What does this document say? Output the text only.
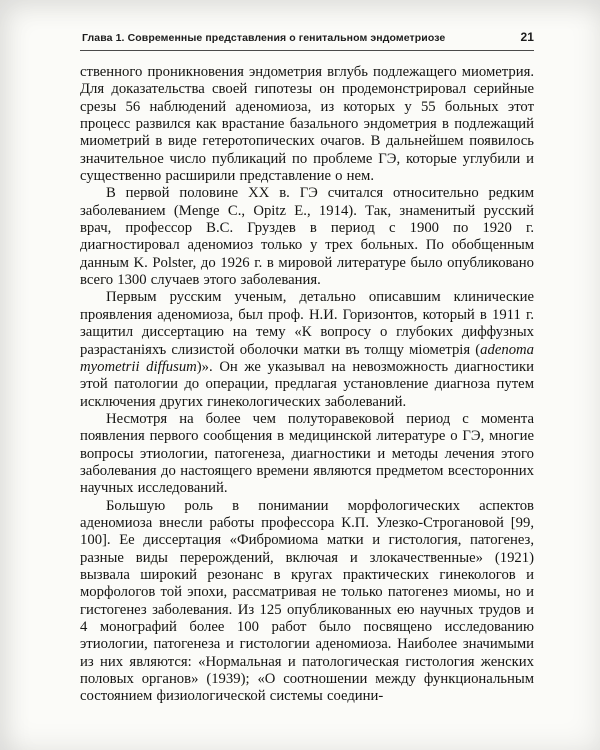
Глава 1. Современные представления о генитальном эндометриозе	21

ственного проникновения эндометрия вглубь подлежащего миометрия. Для доказательства своей гипотезы он продемонстрировал серийные срезы 56 наблюдений аденомиоза, из которых у 55 больных этот процесс развился как врастание базального эндометрия в подлежащий миометрий в виде гетеротопических очагов. В дальнейшем появилось значительное число публикаций по проблеме ГЭ, которые углубили и существенно расширили представление о нем.

В первой половине XX в. ГЭ считался относительно редким заболеванием (Menge C., Opitz E., 1914). Так, знаменитый русский врач, профессор В.С. Груздев в период с 1900 по 1920 г. диагностировал аденомиоз только у трех больных. По обобщенным данным K. Polster, до 1926 г. в мировой литературе было опубликовано всего 1300 случаев этого заболевания.

Первым русским ученым, детально описавшим клинические проявления аденомиоза, был проф. Н.И. Горизонтов, который в 1911 г. защитил диссертацию на тему «К вопросу о глубоких диффузных разрастаніяхъ слизистой оболочки матки въ толщу міометрія (adenoma myometrii diffusum)». Он же указывал на невозможность диагностики этой патологии до операции, предлагая установление диагноза путем исключения других гинекологических заболеваний.

Несмотря на более чем полуторавековой период с момента появления первого сообщения в медицинской литературе о ГЭ, многие вопросы этиологии, патогенеза, диагностики и методы лечения этого заболевания до настоящего времени являются предметом всесторонних научных исследований.

Большую роль в понимании морфологических аспектов аденомиоза внесли работы профессора К.П. Улезко-Строгановой [99, 100]. Ее диссертация «Фибромиома матки и гистология, патогенез, разные виды перерождений, включая и злокачественные» (1921) вызвала широкий резонанс в кругах практических гинекологов и морфологов той эпохи, рассматривая не только патогенез миомы, но и гистогенез заболевания. Из 125 опубликованных ею научных трудов и 4 монографий более 100 работ было посвящено исследованию этиологии, патогенеза и гистологии аденомиоза. Наиболее значимыми из них являются: «Нормальная и патологическая гистология женских половых органов» (1939); «О соотношении между функциональным состоянием физиологической системы соедини-
